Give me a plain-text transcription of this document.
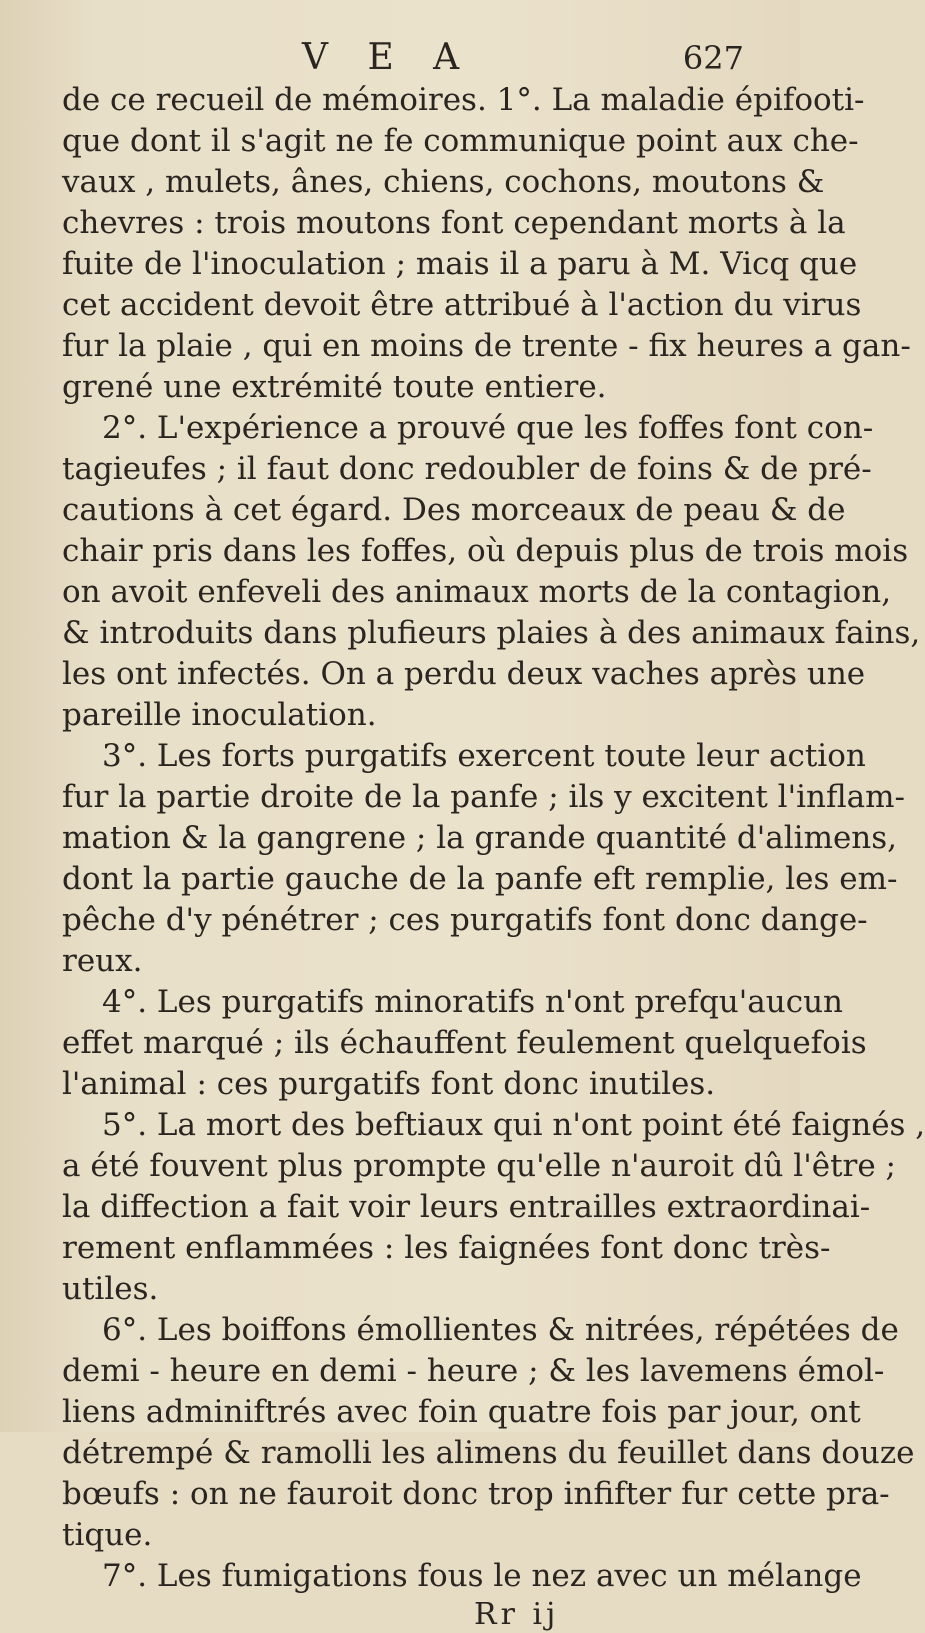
V E A	627
de ce recueil de mémoires. 1°. La maladie épifooti-
que dont il s'agit ne fe communique point aux che-
vaux , mulets, ânes, chiens, cochons, moutons &
chevres : trois moutons font cependant morts à la
fuite de l'inoculation ; mais il a paru à M. Vicq que
cet accident devoit être attribué à l'action du virus
fur la plaie , qui en moins de trente - fix heures a gan-
grené une extrémité toute entiere.
2°. L'expérience a prouvé que les foffes font con-
tagieufes ; il faut donc redoubler de foins & de pré-
cautions à cet égard. Des morceaux de peau & de
chair pris dans les foffes, où depuis plus de trois mois
on avoit enfeveli des animaux morts de la contagion,
& introduits dans plufieurs plaies à des animaux fains,
les ont infectés. On a perdu deux vaches après une
pareille inoculation.
3°. Les forts purgatifs exercent toute leur action
fur la partie droite de la panfe ; ils y excitent l'inflam-
mation & la gangrene ; la grande quantité d'alimens,
dont la partie gauche de la panfe eft remplie, les em-
pêche d'y pénétrer ; ces purgatifs font donc dange-
reux.
4°. Les purgatifs minoratifs n'ont prefqu'aucun
effet marqué ; ils échauffent feulement quelquefois
l'animal : ces purgatifs font donc inutiles.
5°. La mort des beftiaux qui n'ont point été faignés ,
a été fouvent plus prompte qu'elle n'auroit dû l'être ;
la diffection a fait voir leurs entrailles extraordinai-
rement enflammées : les faignées font donc très-
utiles.
6°. Les boiffons émollientes & nitrées, répétées de
demi - heure en demi - heure ; & les lavemens émol-
liens adminiftrés avec foin quatre fois par jour, ont
détrempé & ramolli les alimens du feuillet dans douze
bœufs : on ne fauroit donc trop infifter fur cette pra-
tique.
7°. Les fumigations fous le nez avec un mélange
Rr ij
